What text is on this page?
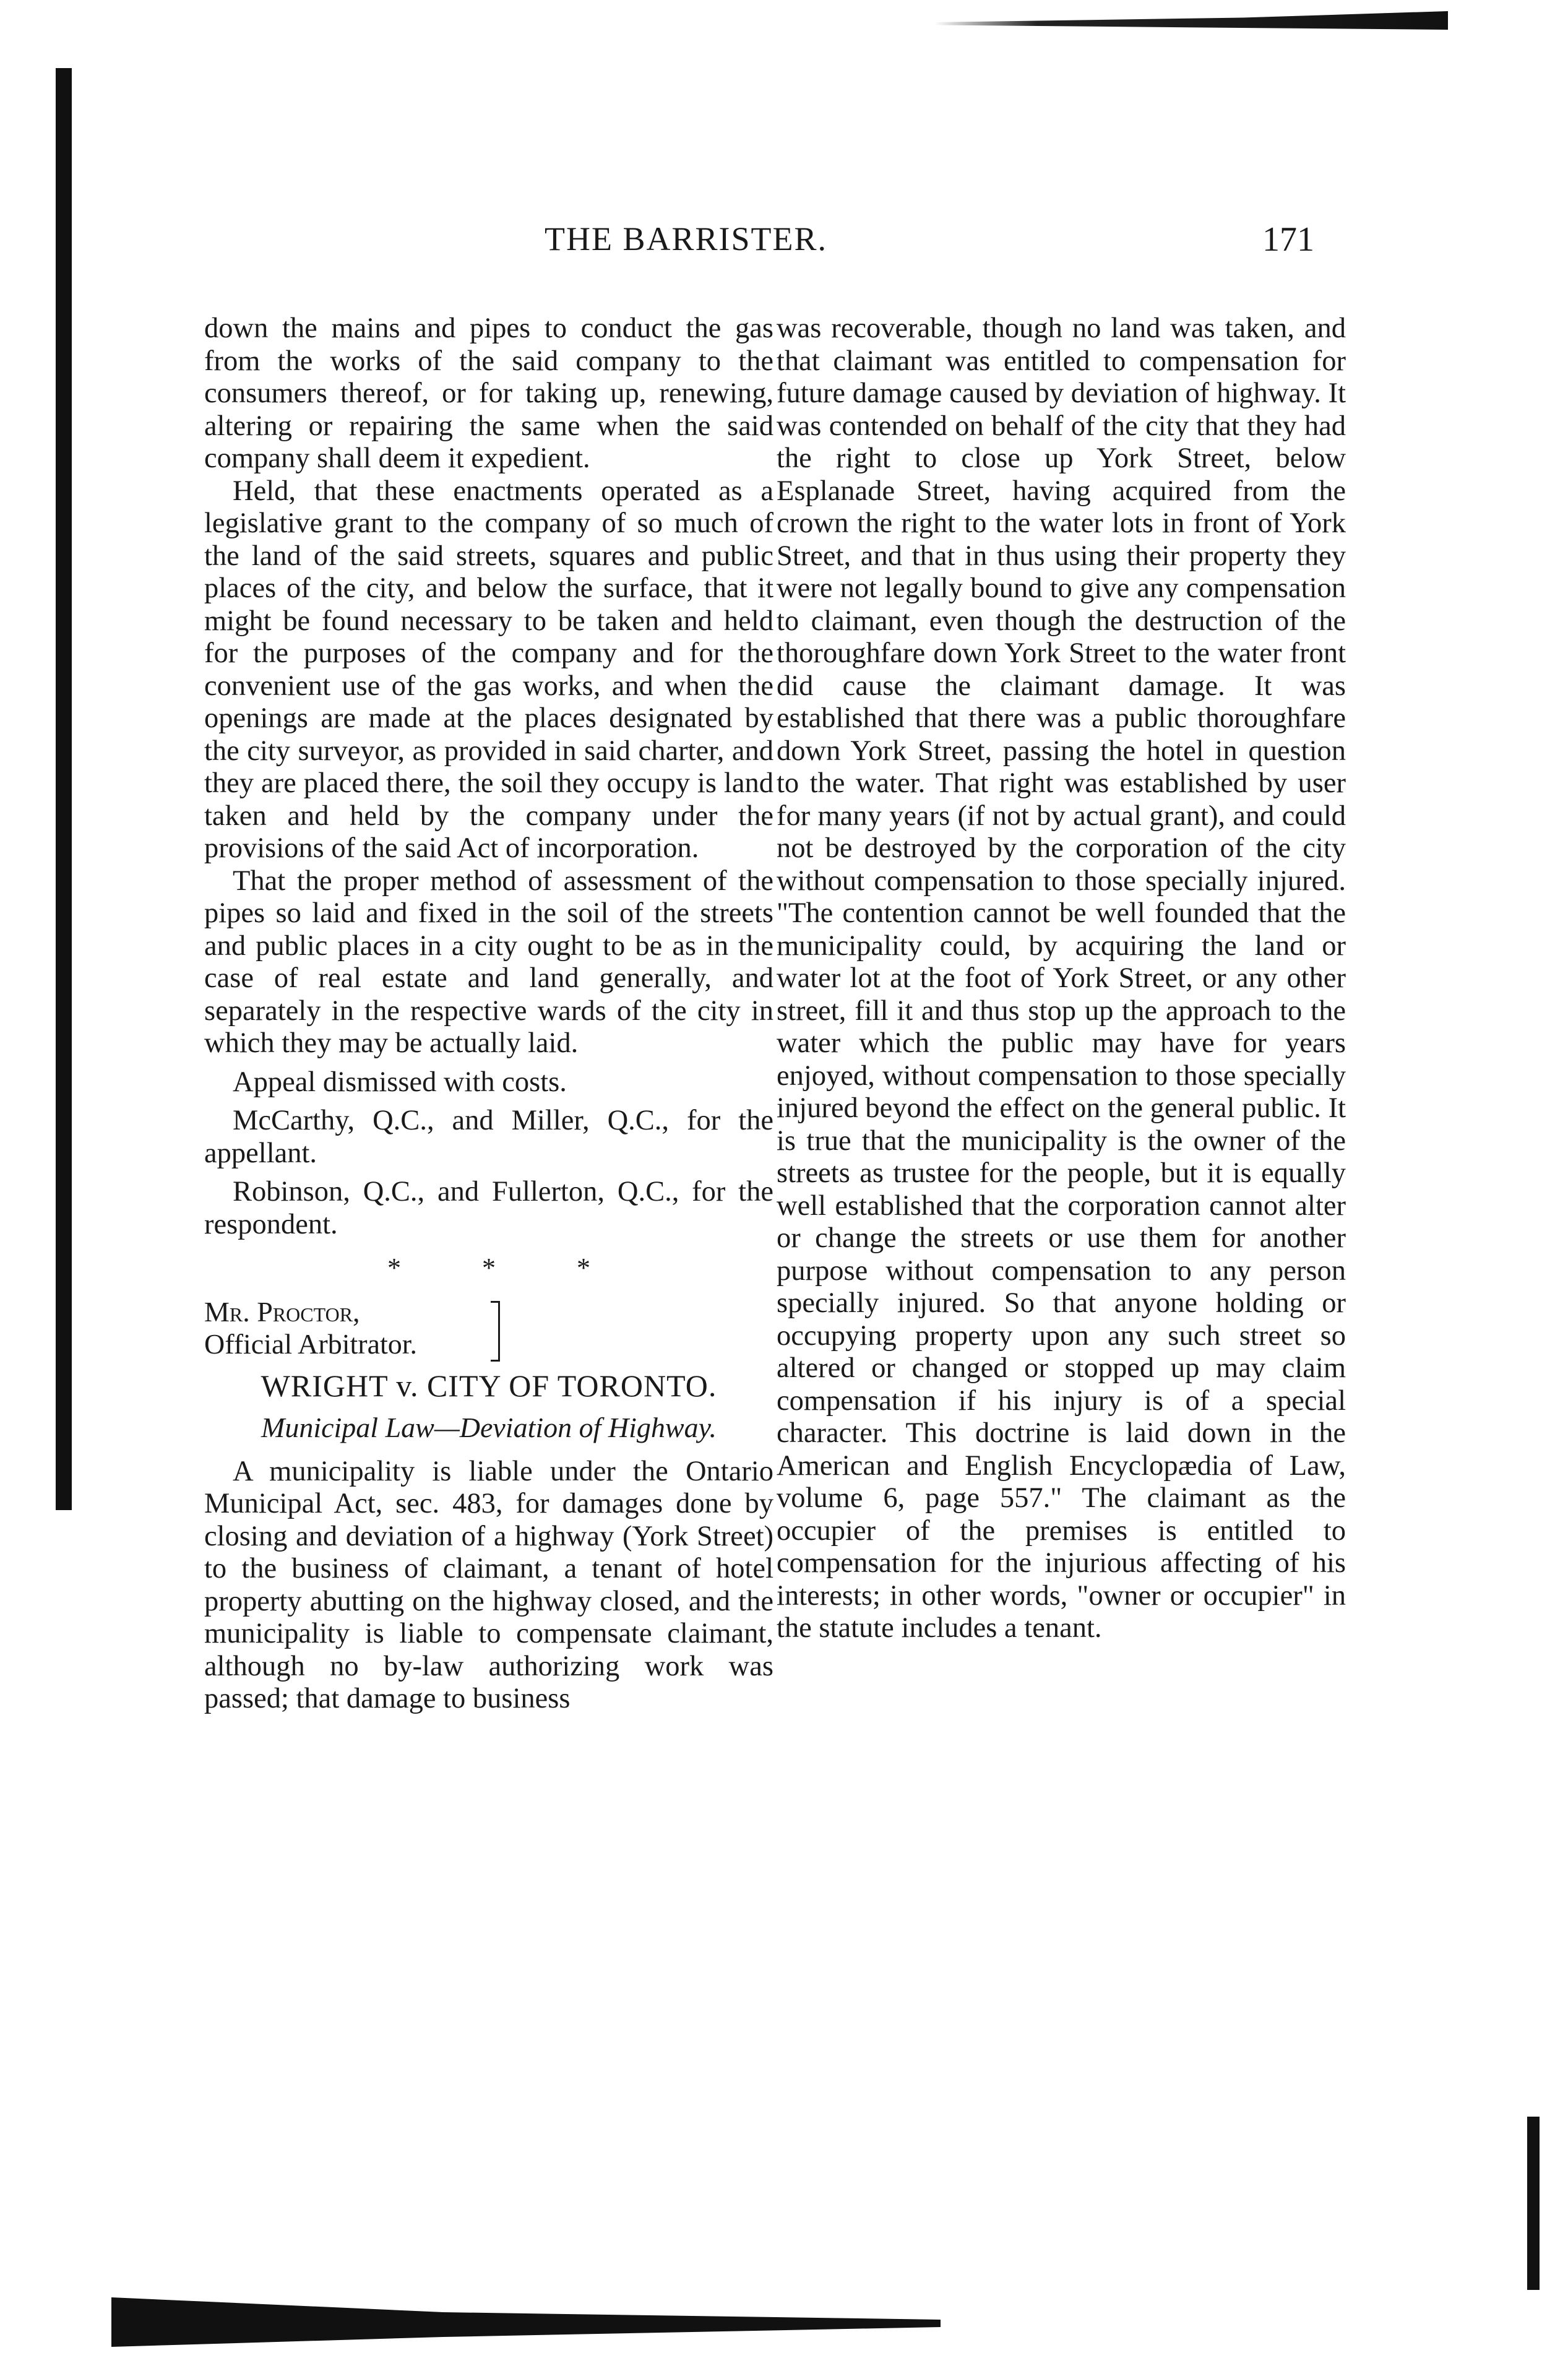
THE BARRISTER.	171

down the mains and pipes to conduct the gas from the works of the said company to the consumers thereof, or for taking up, renewing, altering or repairing the same when the said company shall deem it expedient.

Held, that these enactments operated as a legislative grant to the company of so much of the land of the said streets, squares and public places of the city, and below the surface, that it might be found necessary to be taken and held for the purposes of the company and for the convenient use of the gas works, and when the openings are made at the places designated by the city surveyor, as provided in said charter, and they are placed there, the soil they occupy is land taken and held by the company under the provisions of the said Act of incorporation.

That the proper method of assessment of the pipes so laid and fixed in the soil of the streets and public places in a city ought to be as in the case of real estate and land generally, and separately in the respective wards of the city in which they may be actually laid.

Appeal dismissed with costs.

McCarthy, Q.C., and Miller, Q.C., for the appellant.

Robinson, Q.C., and Fullerton, Q.C., for the respondent.

* * *
Mr. Proctor,
Official Arbitrator.
WRIGHT v. CITY OF TORONTO.
Municipal Law—Deviation of Highway.

A municipality is liable under the Ontario Municipal Act, sec. 483, for damages done by closing and deviation of a highway (York Street) to the business of claimant, a tenant of hotel property abutting on the highway closed, and the municipality is liable to compensate claimant, although no by-law authorizing work was passed; that damage to business

was recoverable, though no land was taken, and that claimant was entitled to compensation for future damage caused by deviation of highway. It was contended on behalf of the city that they had the right to close up York Street, below Esplanade Street, having acquired from the crown the right to the water lots in front of York Street, and that in thus using their property they were not legally bound to give any compensation to claimant, even though the destruction of the thoroughfare down York Street to the water front did cause the claimant damage. It was established that there was a public thoroughfare down York Street, passing the hotel in question to the water. That right was established by user for many years (if not by actual grant), and could not be destroyed by the corporation of the city without compensation to those specially injured. "The contention cannot be well founded that the municipality could, by acquiring the land or water lot at the foot of York Street, or any other street, fill it and thus stop up the approach to the water which the public may have for years enjoyed, without compensation to those specially injured beyond the effect on the general public. It is true that the municipality is the owner of the streets as trustee for the people, but it is equally well established that the corporation cannot alter or change the streets or use them for another purpose without compensation to any person specially injured. So that anyone holding or occupying property upon any such street so altered or changed or stopped up may claim compensation if his injury is of a special character. This doctrine is laid down in the American and English Encyclopædia of Law, volume 6, page 557." The claimant as the occupier of the premises is entitled to compensation for the injurious affecting of his interests; in other words, "owner or occupier" in the statute includes a tenant.
